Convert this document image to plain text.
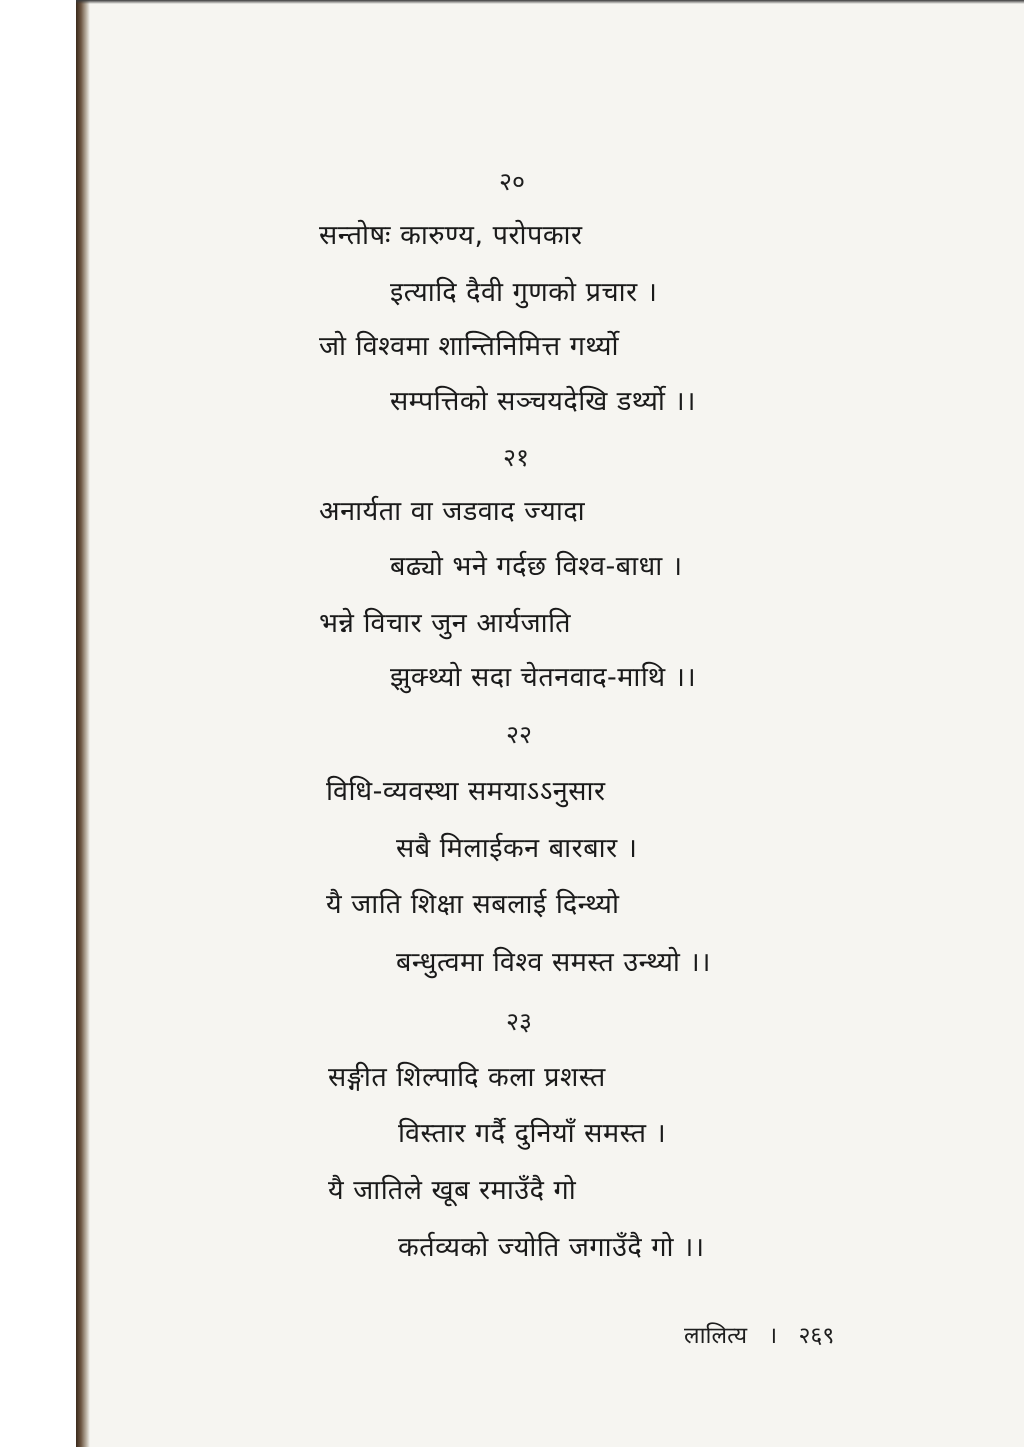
२०
सन्तोषः कारुण्य, परोपकार
इत्यादि दैवी गुणको प्रचार ।
जो विश्वमा शान्तिनिमित्त गर्थ्यो
सम्पत्तिको सञ्चयदेखि डर्थ्यो ।।
२१
अनार्यता वा जडवाद ज्यादा
बढ्यो भने गर्दछ विश्व-बाधा ।
भन्ने विचार जुन आर्यजाति
झुक्थ्यो सदा चेतनवाद-माथि ।।
२२
विधि-व्यवस्था समयाऽऽनुसार
सबै मिलाईकन बारबार ।
यै जाति शिक्षा सबलाई दिन्थ्यो
बन्धुत्वमा विश्व समस्त उन्थ्यो ।।
२३
सङ्गीत शिल्पादि कला प्रशस्त
विस्तार गर्दै दुनियाँ समस्त ।
यै जातिले खूब रमाउँदै गो
कर्तव्यको ज्योति जगाउँदै गो ।।
लालित्य । २६९
